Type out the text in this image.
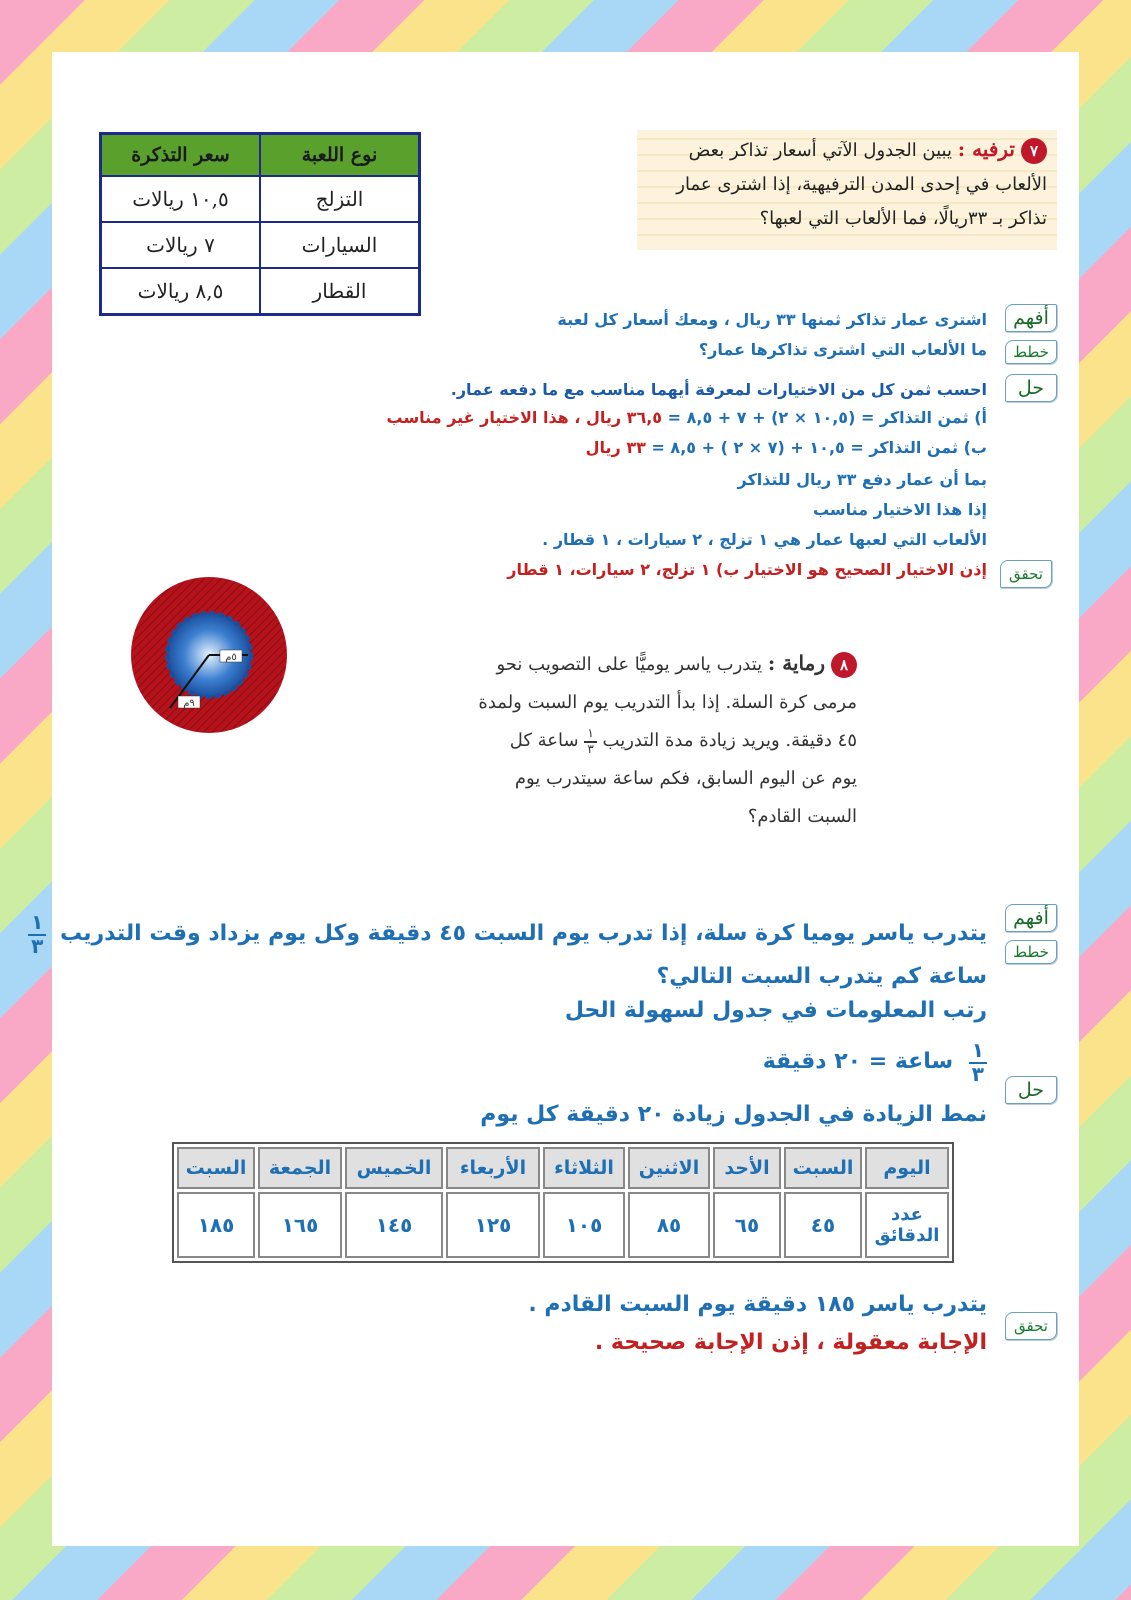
٧ترفيه : يبين الجدول الآتي أسعار تذاكر بعض
الألعاب في إحدى المدن الترفيهية، إذا اشترى عمار
تذاكر بـ ٣٣ريالًا، فما الألعاب التي لعبها؟
نوع اللعبة	سعر التذكرة
التزلج	١٠,٥ ريالات
السيارات	٧ ريالات
القطار	٨,٥ ريالات
أفهم
خطط
حل
تحقق
اشترى عمار تذاكر ثمنها ٣٣ ريال ، ومعك أسعار كل لعبة
ما الألعاب التي اشترى تذاكرها عمار؟
احسب ثمن كل من الاختيارات لمعرفة أيهما مناسب مع ما دفعه عمار.
أ) ثمن التذاكر = (١٠,٥ × ٢) + ٧ + ٨,٥ = ٣٦,٥ ريال ، هذا الاختيار غير مناسب
ب) ثمن التذاكر = ١٠,٥ + (٧ × ٢ ) + ٨,٥ = ٣٣ ريال
بما أن عمار دفع ٣٣ ريال للتذاكر
إذا هذا الاختيار مناسب
الألعاب التي لعبها عمار هي ١ تزلج ، ٢ سيارات ، ١ قطار .
إذن الاختيار الصحيح هو الاختيار ب) ١ تزلج، ٢ سيارات، ١ قطار
٥م
٩م
٨رماية : يتدرب ياسر يوميًّا على التصويب نحو
مرمى كرة السلة. إذا بدأ التدريب يوم السبت ولمدة
٤٥ دقيقة. ويريد زيادة مدة التدريب
$\frac{١}{٣}$
ساعة كل
يوم عن اليوم السابق، فكم ساعة سيتدرب يوم
السبت القادم؟
أفهم
خطط
حل
تحقق
يتدرب ياسر يوميا كرة سلة، إذا تدرب يوم السبت ٤٥ دقيقة وكل يوم يزداد وقت التدريب
$\frac{١}{٣}$
ساعة كم يتدرب السبت التالي؟
رتب المعلومات في جدول لسهولة الحل
$\frac{١}{٣}$
ساعة = ٢٠ دقيقة
نمط الزيادة في الجدول زيادة ٢٠ دقيقة كل يوم
اليوم	السبت	الأحد	الاثنين	الثلاثاء	الأربعاء	الخميس	الجمعة	السبت
عدد الدقائق	٤٥	٦٥	٨٥	١٠٥	١٢٥	١٤٥	١٦٥	١٨٥
يتدرب ياسر ١٨٥ دقيقة يوم السبت القادم .
الإجابة معقولة ، إذن الإجابة صحيحة .
